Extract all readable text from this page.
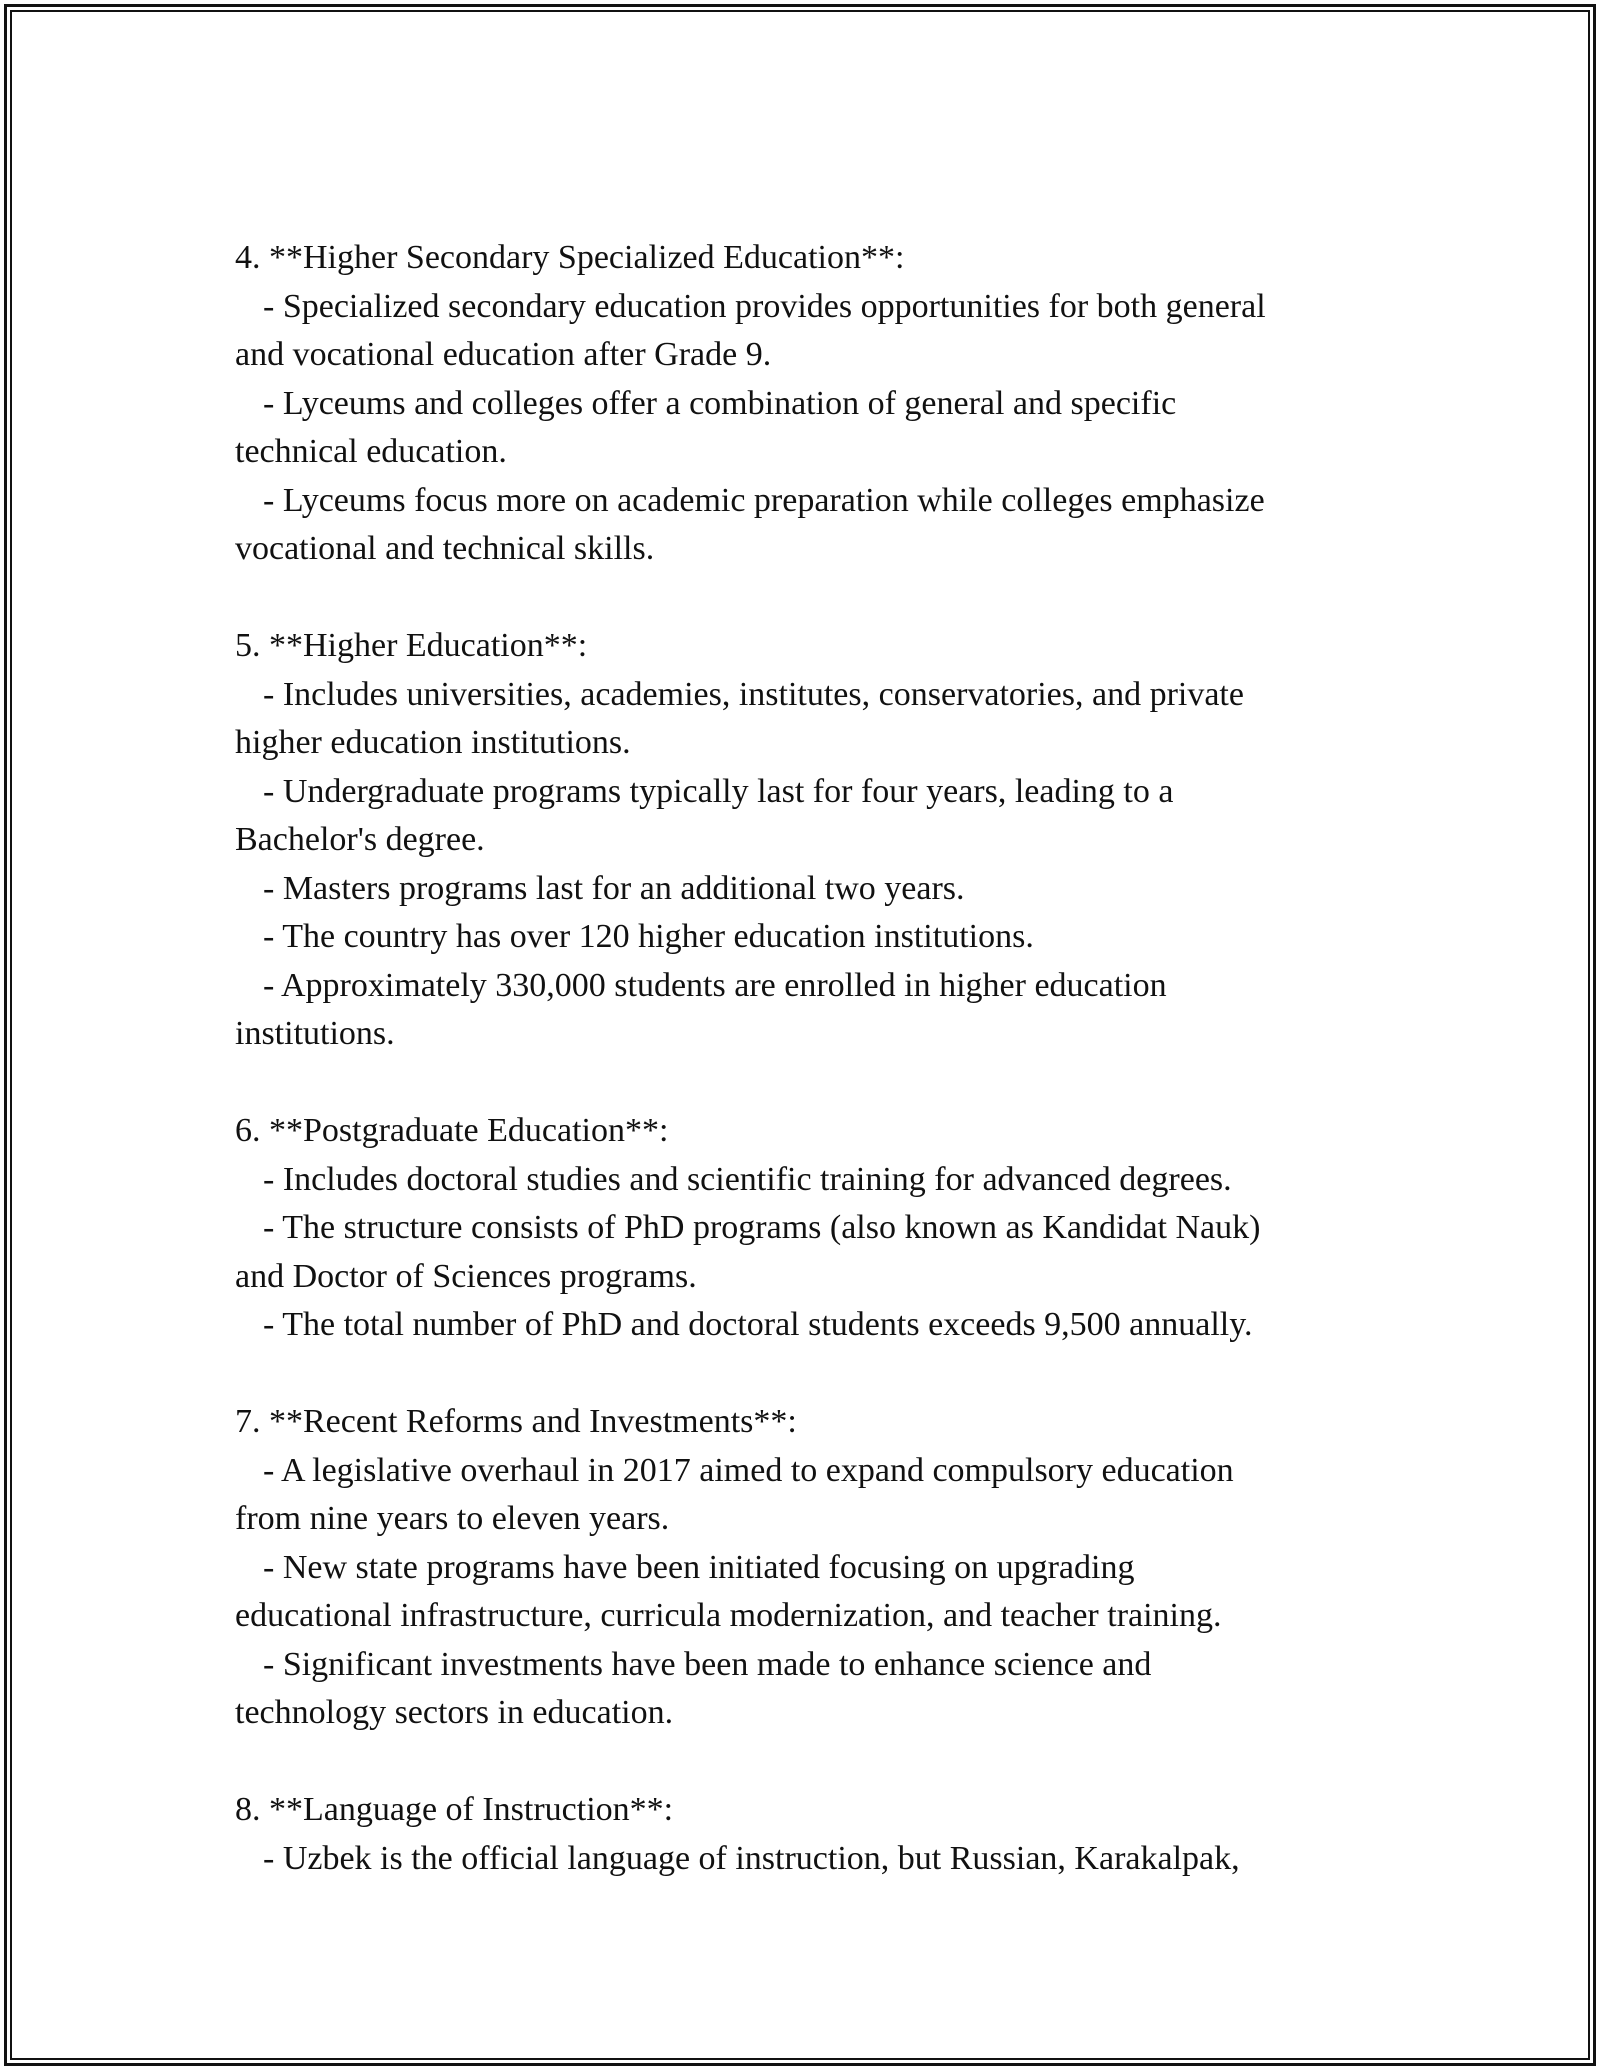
4. **Higher Secondary Specialized Education**:
- Specialized secondary education provides opportunities for both general
and vocational education after Grade 9.
- Lyceums and colleges offer a combination of general and specific
technical education.
- Lyceums focus more on academic preparation while colleges emphasize
vocational and technical skills.
5. **Higher Education**:
- Includes universities, academies, institutes, conservatories, and private
higher education institutions.
- Undergraduate programs typically last for four years, leading to a
Bachelor's degree.
- Masters programs last for an additional two years.
- The country has over 120 higher education institutions.
- Approximately 330,000 students are enrolled in higher education
institutions.
6. **Postgraduate Education**:
- Includes doctoral studies and scientific training for advanced degrees.
- The structure consists of PhD programs (also known as Kandidat Nauk)
and Doctor of Sciences programs.
- The total number of PhD and doctoral students exceeds 9,500 annually.
7. **Recent Reforms and Investments**:
- A legislative overhaul in 2017 aimed to expand compulsory education
from nine years to eleven years.
- New state programs have been initiated focusing on upgrading
educational infrastructure, curricula modernization, and teacher training.
- Significant investments have been made to enhance science and
technology sectors in education.
8. **Language of Instruction**:
- Uzbek is the official language of instruction, but Russian, Karakalpak,
